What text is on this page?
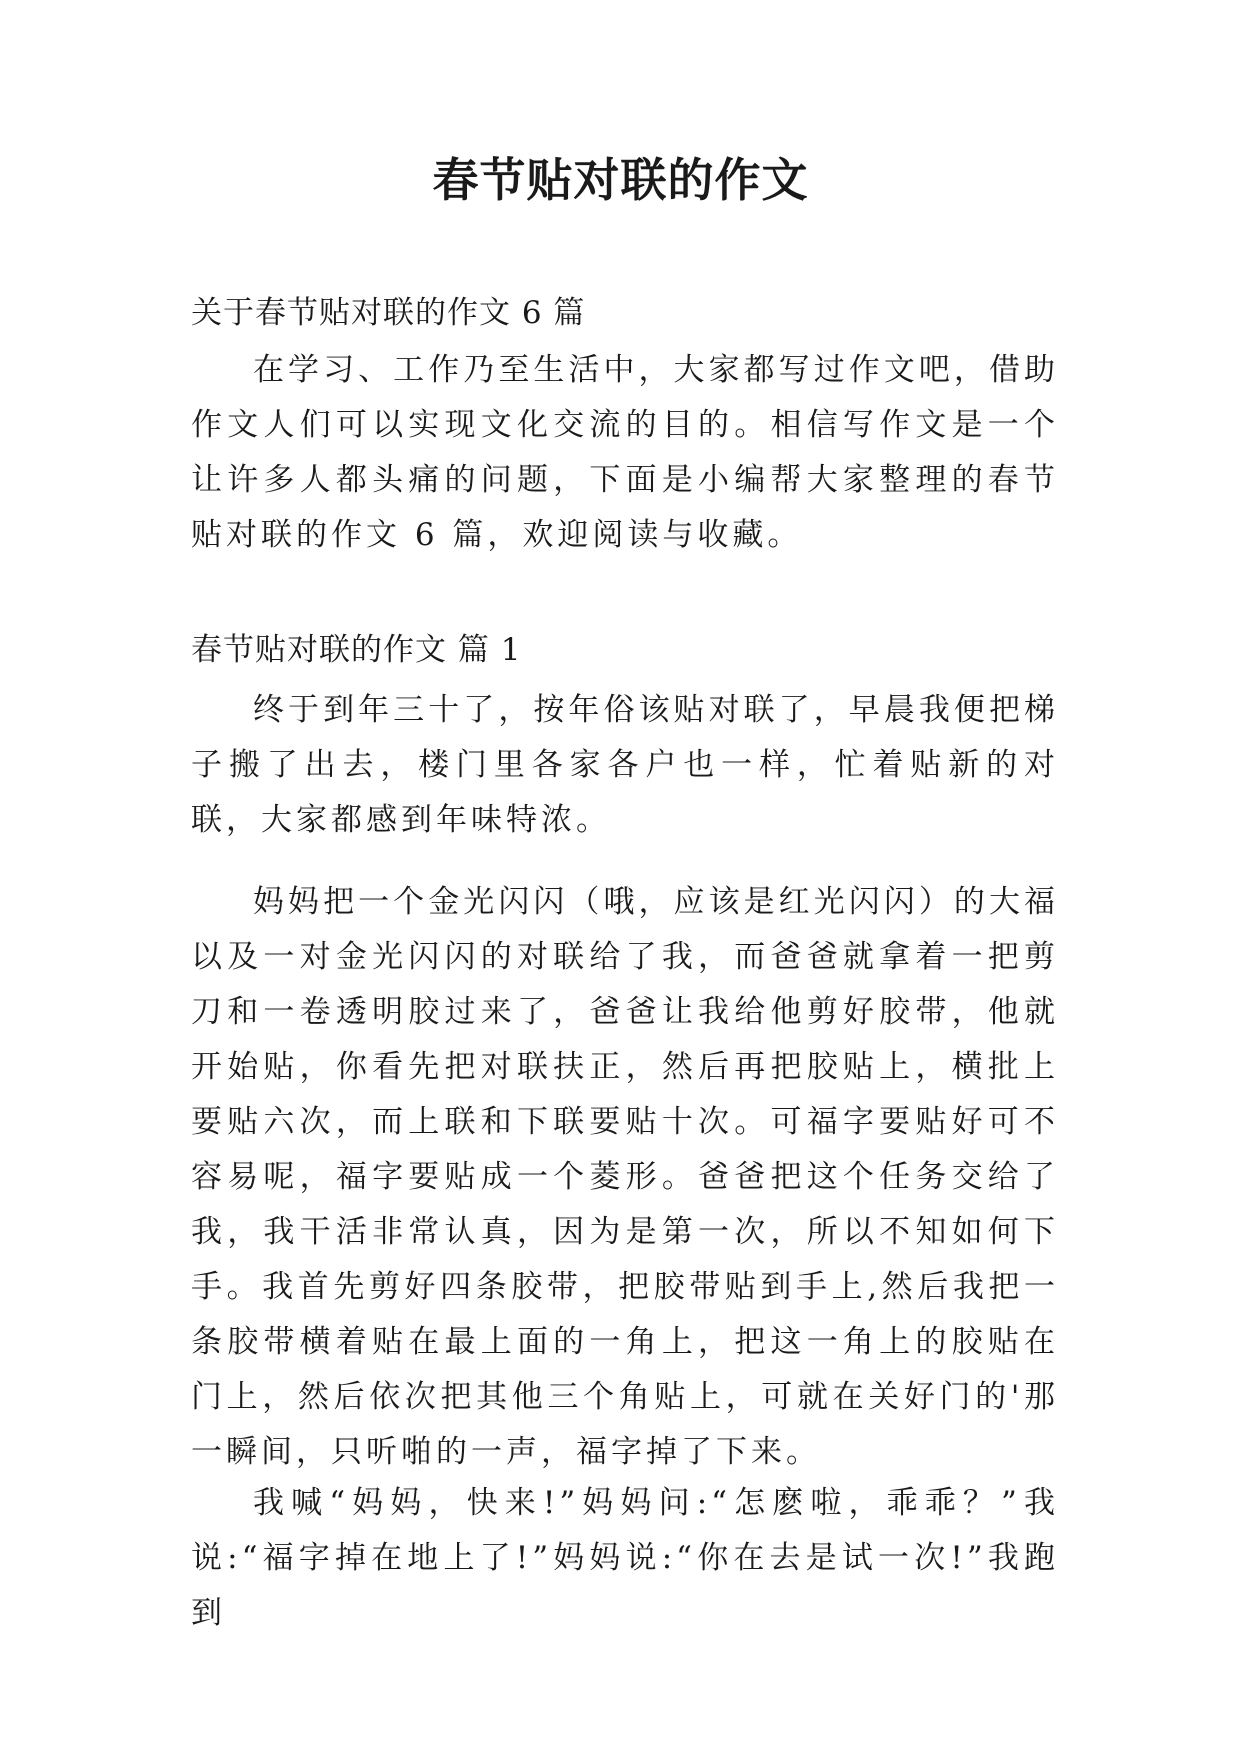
春节贴对联的作文

关于春节贴对联的作文 6 篇

在学习、工作乃至生活中，大家都写过作文吧，借助作文人们可以实现文化交流的目的。相信写作文是一个让许多人都头痛的问题，下面是小编帮大家整理的春节贴对联的作文 6 篇，欢迎阅读与收藏。

春节贴对联的作文 篇 1

终于到年三十了，按年俗该贴对联了，早晨我便把梯子搬了出去，楼门里各家各户也一样，忙着贴新的对联，大家都感到年味特浓。

妈妈把一个金光闪闪（哦，应该是红光闪闪）的大福以及一对金光闪闪的对联给了我，而爸爸就拿着一把剪刀和一卷透明胶过来了，爸爸让我给他剪好胶带，他就开始贴，你看先把对联扶正，然后再把胶贴上，横批上要贴六次，而上联和下联要贴十次。可福字要贴好可不容易呢，福字要贴成一个菱形。爸爸把这个任务交给了我，我干活非常认真，因为是第一次，所以不知如何下手。我首先剪好四条胶带，把胶带贴到手上,然后我把一条胶带横着贴在最上面的一角上，把这一角上的胶贴在门上，然后依次把其他三个角贴上，可就在关好门的'那一瞬间，只听啪的一声，福字掉了下来。

我喊“妈妈，快来!”妈妈问:“怎麽啦，乖乖？”我说:“福字掉在地上了!”妈妈说:“你在去是试一次!”我跑到
